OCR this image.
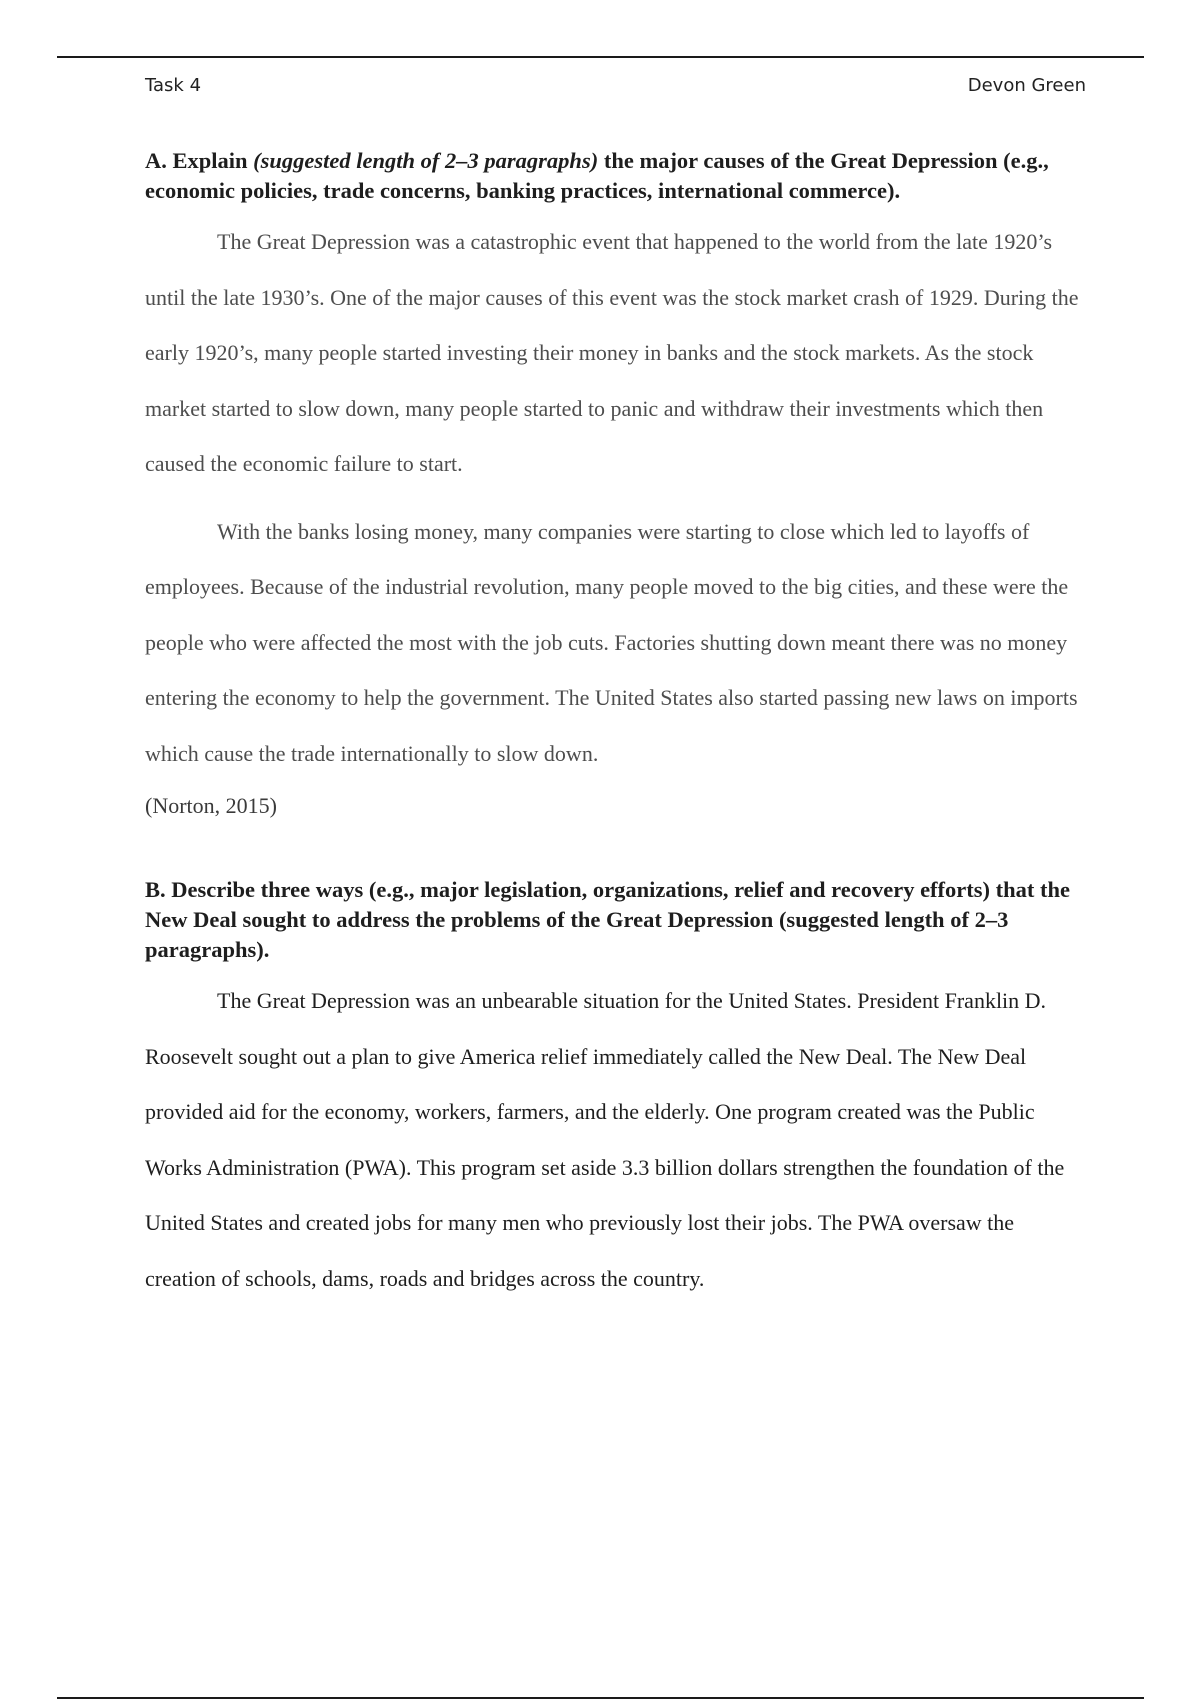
Task 4	Devon Green

A. Explain (suggested length of 2–3 paragraphs) the major causes of the Great Depression (e.g., economic policies, trade concerns, banking practices, international commerce).

The Great Depression was a catastrophic event that happened to the world from the late 1920’s until the late 1930’s. One of the major causes of this event was the stock market crash of 1929. During the early 1920’s, many people started investing their money in banks and the stock markets. As the stock market started to slow down, many people started to panic and withdraw their investments which then caused the economic failure to start.

With the banks losing money, many companies were starting to close which led to layoffs of employees. Because of the industrial revolution, many people moved to the big cities, and these were the people who were affected the most with the job cuts. Factories shutting down meant there was no money entering the economy to help the government. The United States also started passing new laws on imports which cause the trade internationally to slow down.

(Norton, 2015)

B. Describe three ways (e.g., major legislation, organizations, relief and recovery efforts) that the New Deal sought to address the problems of the Great Depression (suggested length of 2–3 paragraphs).

The Great Depression was an unbearable situation for the United States. President Franklin D. Roosevelt sought out a plan to give America relief immediately called the New Deal. The New Deal provided aid for the economy, workers, farmers, and the elderly. One program created was the Public Works Administration (PWA). This program set aside 3.3 billion dollars strengthen the foundation of the United States and created jobs for many men who previously lost their jobs. The PWA oversaw the creation of schools, dams, roads and bridges across the country.
